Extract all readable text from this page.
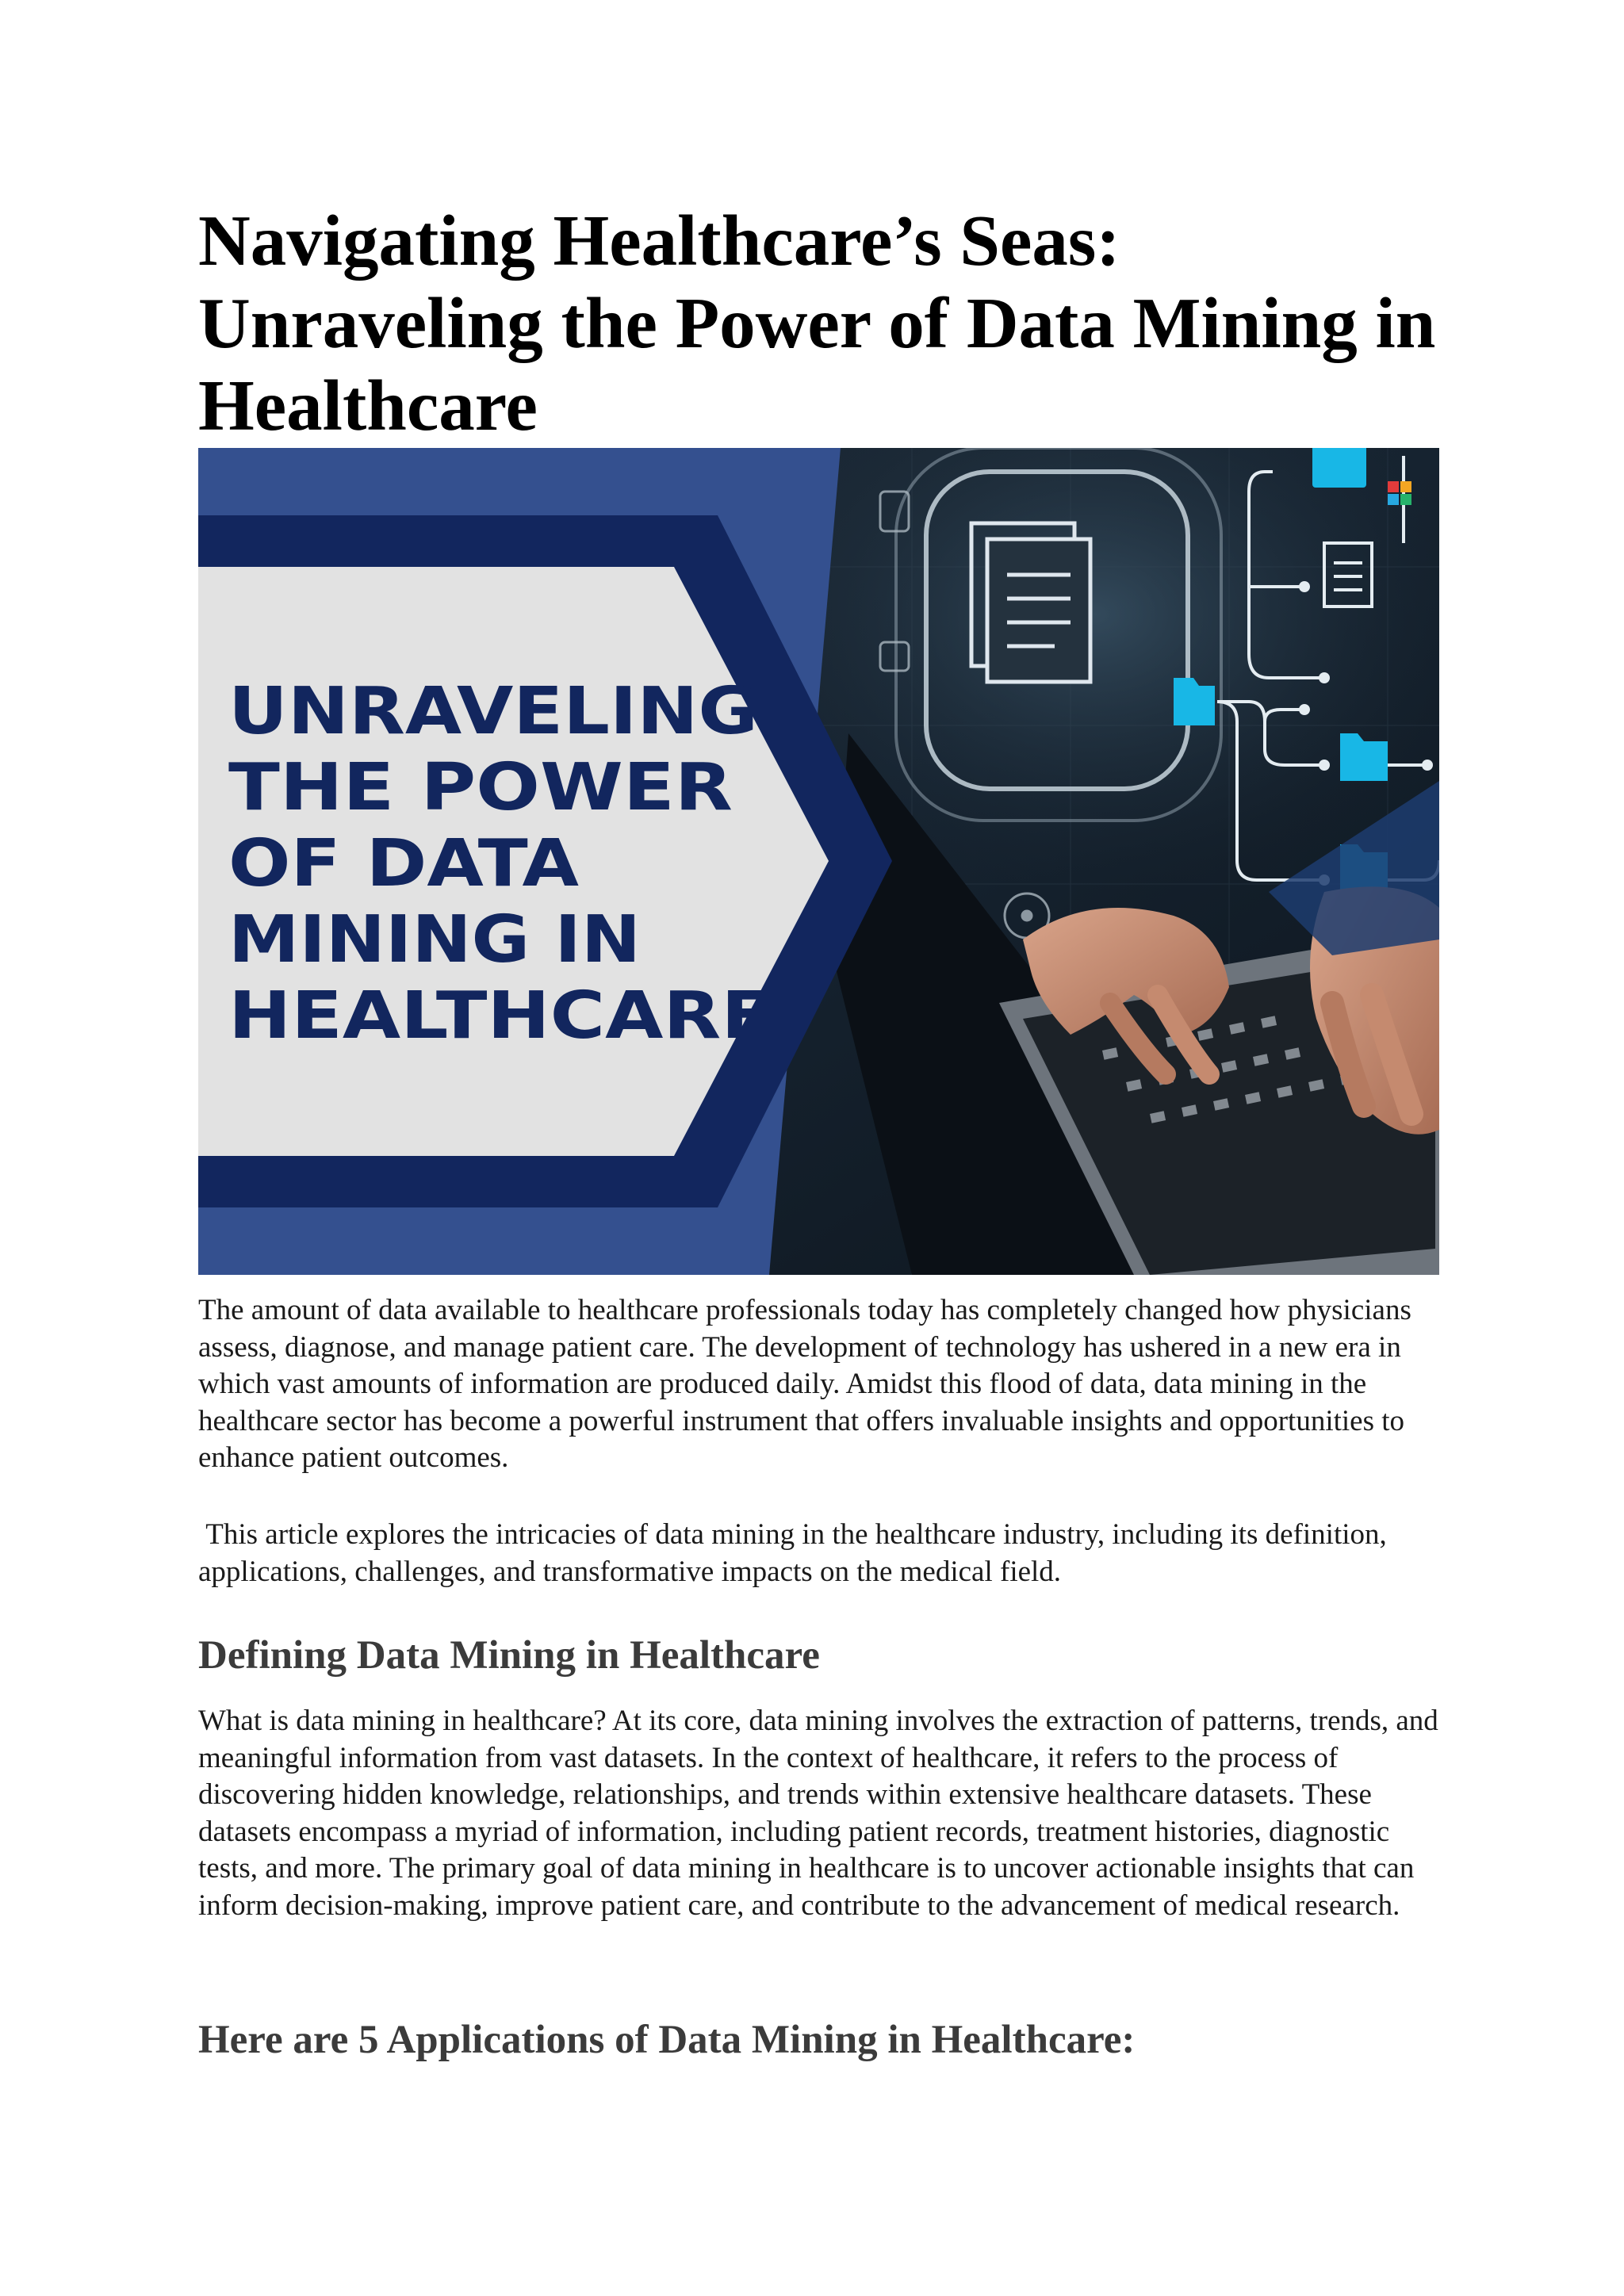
Navigating Healthcare’s Seas: Unraveling the Power of Data Mining in Healthcare
UNRAVELING
THE POWER
OF DATA
MINING IN
HEALTHCARE

The amount of data available to healthcare professionals today has completely changed how physicians assess, diagnose, and manage patient care. The development of technology has ushered in a new era in which vast amounts of information are produced daily. Amidst this flood of data, data mining in the healthcare sector has become a powerful instrument that offers invaluable insights and opportunities to enhance patient outcomes.

This article explores the intricacies of data mining in the healthcare industry, including its definition, applications, challenges, and transformative impacts on the medical field.

Defining Data Mining in Healthcare

What is data mining in healthcare? At its core, data mining involves the extraction of patterns, trends, and meaningful information from vast datasets. In the context of healthcare, it refers to the process of discovering hidden knowledge, relationships, and trends within extensive healthcare datasets. These datasets encompass a myriad of information, including patient records, treatment histories, diagnostic tests, and more. The primary goal of data mining in healthcare is to uncover actionable insights that can inform decision-making, improve patient care, and contribute to the advancement of medical research.

Here are 5 Applications of Data Mining in Healthcare:
